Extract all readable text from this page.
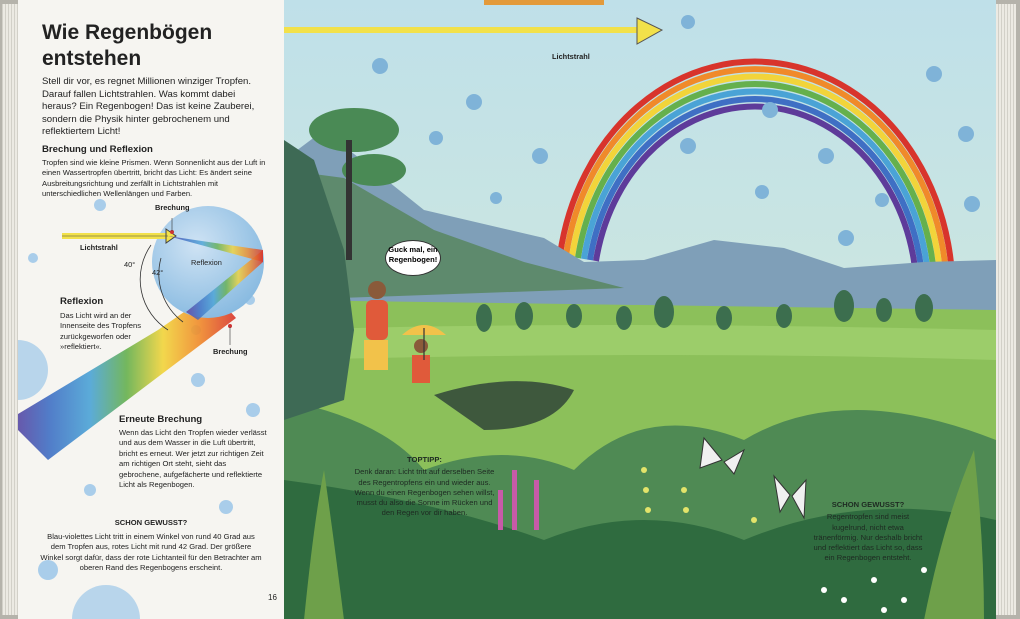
Wie Regenbögen entstehen
Stell dir vor, es regnet Millionen winziger Tropfen. Darauf fallen Lichtstrahlen. Was kommt dabei heraus? Ein Regenbogen! Das ist keine Zauberei, sondern die Physik hinter gebrochenem und reflektiertem Licht!
Brechung und Reflexion
Tropfen sind wie kleine Prismen. Wenn Sonnenlicht aus der Luft in einen Wassertropfen übertritt, bricht das Licht: Es ändert seine Ausbreitungsrichtung und zerfällt in Lichtstrahlen mit unterschiedlichen Wellenlängen und Farben.
Brechung
Lichtstrahl
Reflexion
40°
42°
Brechung
Reflexion
Das Licht wird an der Innenseite des Tropfens zurückgeworfen oder »reflektiert«.
Erneute Brechung
Wenn das Licht den Tropfen wieder verlässt und aus dem Wasser in die Luft übertritt, bricht es erneut. Wer jetzt zur richtigen Zeit am richtigen Ort steht, sieht das gebrochene, aufgefächerte und reflektierte Licht als Regenbogen.
SCHON GEWUSST?
Blau-violettes Licht tritt in einem Winkel von rund 40 Grad aus dem Tropfen aus, rotes Licht mit rund 42 Grad. Der größere Winkel sorgt dafür, dass der rote Lichtanteil für den Betrachter am oberen Rand des Regenbogens erscheint.
16
Lichtstrahl
Guck mal, ein Regenbogen!
TOPTIPP:
Denk daran: Licht tritt auf derselben Seite des Regentropfens ein und wieder aus. Wenn du einen Regenbogen sehen willst, musst du also die Sonne im Rücken und den Regen vor dir haben.
SCHON GEWUSST?
Regentropfen sind meist kugelrund, nicht etwa tränenförmig. Nur deshalb bricht und reflektiert das Licht so, dass ein Regenbogen entsteht.
